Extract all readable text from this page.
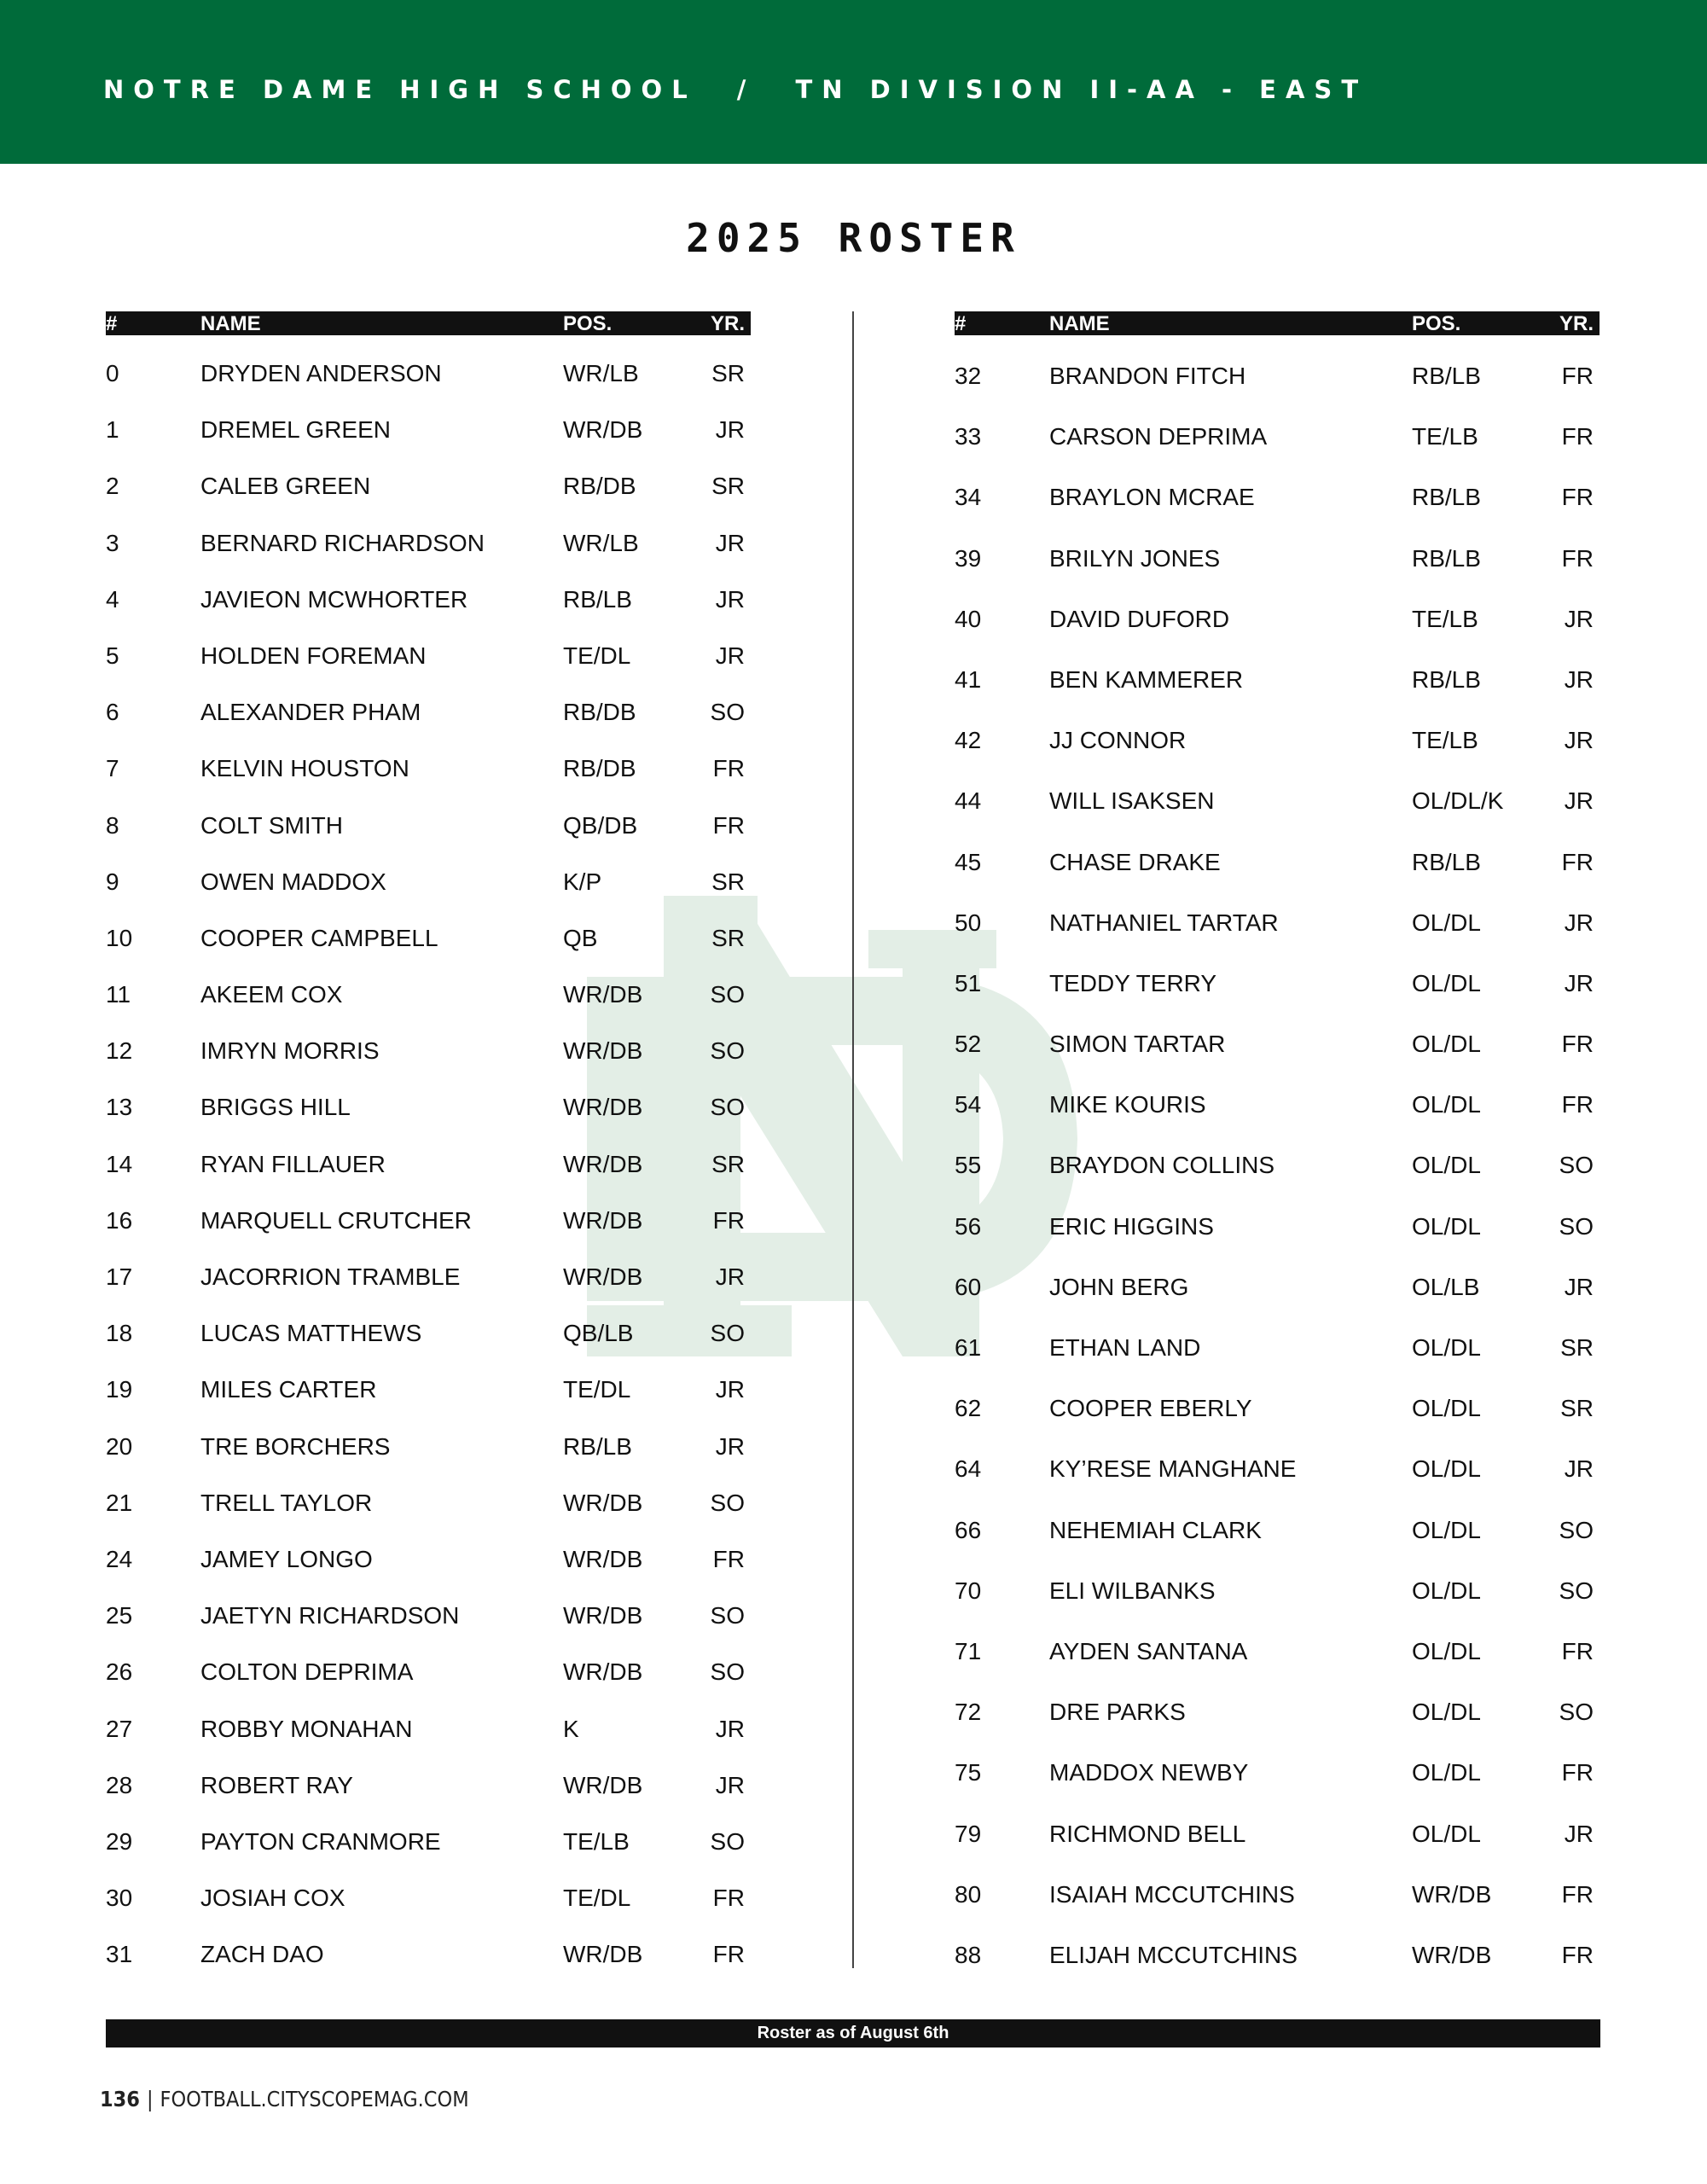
NOTRE DAME HIGH SCHOOL / TN DIVISION II-AA - EAST
2025 ROSTER
#	NAME	POS.	YR.
0	DRYDEN ANDERSON	WR/LB	SR
1	DREMEL GREEN	WR/DB	JR
2	CALEB GREEN	RB/DB	SR
3	BERNARD RICHARDSON	WR/LB	JR
4	JAVIEON MCWHORTER	RB/LB	JR
5	HOLDEN FOREMAN	TE/DL	JR
6	ALEXANDER PHAM	RB/DB	SO
7	KELVIN HOUSTON	RB/DB	FR
8	COLT SMITH	QB/DB	FR
9	OWEN MADDOX	K/P	SR
10	COOPER CAMPBELL	QB	SR
11	AKEEM COX	WR/DB	SO
12	IMRYN MORRIS	WR/DB	SO
13	BRIGGS HILL	WR/DB	SO
14	RYAN FILLAUER	WR/DB	SR
16	MARQUELL CRUTCHER	WR/DB	FR
17	JACORRION TRAMBLE	WR/DB	JR
18	LUCAS MATTHEWS	QB/LB	SO
19	MILES CARTER	TE/DL	JR
20	TRE BORCHERS	RB/LB	JR
21	TRELL TAYLOR	WR/DB	SO
24	JAMEY LONGO	WR/DB	FR
25	JAETYN RICHARDSON	WR/DB	SO
26	COLTON DEPRIMA	WR/DB	SO
27	ROBBY MONAHAN	K	JR
28	ROBERT RAY	WR/DB	JR
29	PAYTON CRANMORE	TE/LB	SO
30	JOSIAH COX	TE/DL	FR
31	ZACH DAO	WR/DB	FR
#	NAME	POS.	YR.
32	BRANDON FITCH	RB/LB	FR
33	CARSON DEPRIMA	TE/LB	FR
34	BRAYLON MCRAE	RB/LB	FR
39	BRILYN JONES	RB/LB	FR
40	DAVID DUFORD	TE/LB	JR
41	BEN KAMMERER	RB/LB	JR
42	JJ CONNOR	TE/LB	JR
44	WILL ISAKSEN	OL/DL/K	JR
45	CHASE DRAKE	RB/LB	FR
50	NATHANIEL TARTAR	OL/DL	JR
51	TEDDY TERRY	OL/DL	JR
52	SIMON TARTAR	OL/DL	FR
54	MIKE KOURIS	OL/DL	FR
55	BRAYDON COLLINS	OL/DL	SO
56	ERIC HIGGINS	OL/DL	SO
60	JOHN BERG	OL/LB	JR
61	ETHAN LAND	OL/DL	SR
62	COOPER EBERLY	OL/DL	SR
64	KY’RESE MANGHANE	OL/DL	JR
66	NEHEMIAH CLARK	OL/DL	SO
70	ELI WILBANKS	OL/DL	SO
71	AYDEN SANTANA	OL/DL	FR
72	DRE PARKS	OL/DL	SO
75	MADDOX NEWBY	OL/DL	FR
79	RICHMOND BELL	OL/DL	JR
80	ISAIAH MCCUTCHINS	WR/DB	FR
88	ELIJAH MCCUTCHINS	WR/DB	FR
Roster as of August 6th
136 | FOOTBALL.CITYSCOPEMAG.COM
